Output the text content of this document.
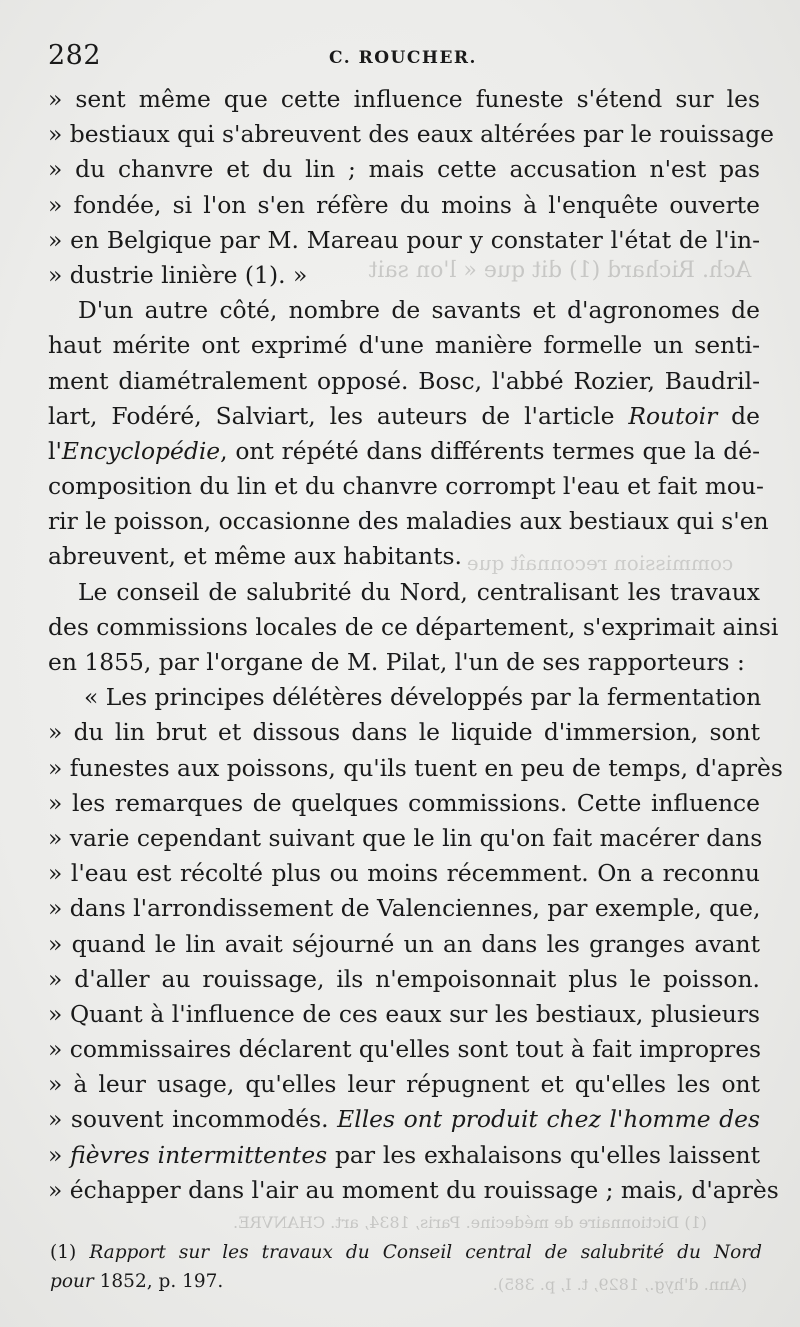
Ach. Richard (1) dit que « l'on sait
commission reconnaît que
(1) Dictionnaire de médecine. Paris, 1834, art. CHANVRE.
(Ann. d'hyg., 1829, t. I, p. 385).
282	C. ROUCHER.
» sent même que cette influence funeste s'étend sur les
» bestiaux qui s'abreuvent des eaux altérées par le rouissage
» du chanvre et du lin ; mais cette accusation n'est pas
» fondée, si l'on s'en réfère du moins à l'enquête ouverte
» en Belgique par M. Mareau pour y constater l'état de l'in-
» dustrie linière (1). »
D'un autre côté, nombre de savants et d'agronomes de
haut mérite ont exprimé d'une manière formelle un senti-
ment diamétralement opposé. Bosc, l'abbé Rozier, Baudril-
lart, Fodéré, Salviart, les auteurs de l'article Routoir de
l'Encyclopédie, ont répété dans différents termes que la dé-
composition du lin et du chanvre corrompt l'eau et fait mou-
rir le poisson, occasionne des maladies aux bestiaux qui s'en
abreuvent, et même aux habitants.
Le conseil de salubrité du Nord, centralisant les travaux
des commissions locales de ce département, s'exprimait ainsi
en 1855, par l'organe de M. Pilat, l'un de ses rapporteurs :
« Les principes délétères développés par la fermentation
» du lin brut et dissous dans le liquide d'immersion, sont
» funestes aux poissons, qu'ils tuent en peu de temps, d'après
» les remarques de quelques commissions. Cette influence
» varie cependant suivant que le lin qu'on fait macérer dans
» l'eau est récolté plus ou moins récemment. On a reconnu
» dans l'arrondissement de Valenciennes, par exemple, que,
» quand le lin avait séjourné un an dans les granges avant
» d'aller au rouissage, ils n'empoisonnait plus le poisson.
» Quant à l'influence de ces eaux sur les bestiaux, plusieurs
» commissaires déclarent qu'elles sont tout à fait impropres
» à leur usage, qu'elles leur répugnent et qu'elles les ont
» souvent incommodés. Elles ont produit chez l'homme des
» fièvres intermittentes par les exhalaisons qu'elles laissent
» échapper dans l'air au moment du rouissage ; mais, d'après
(1) Rapport sur les travaux du Conseil central de salubrité du Nord
pour 1852, p. 197.
